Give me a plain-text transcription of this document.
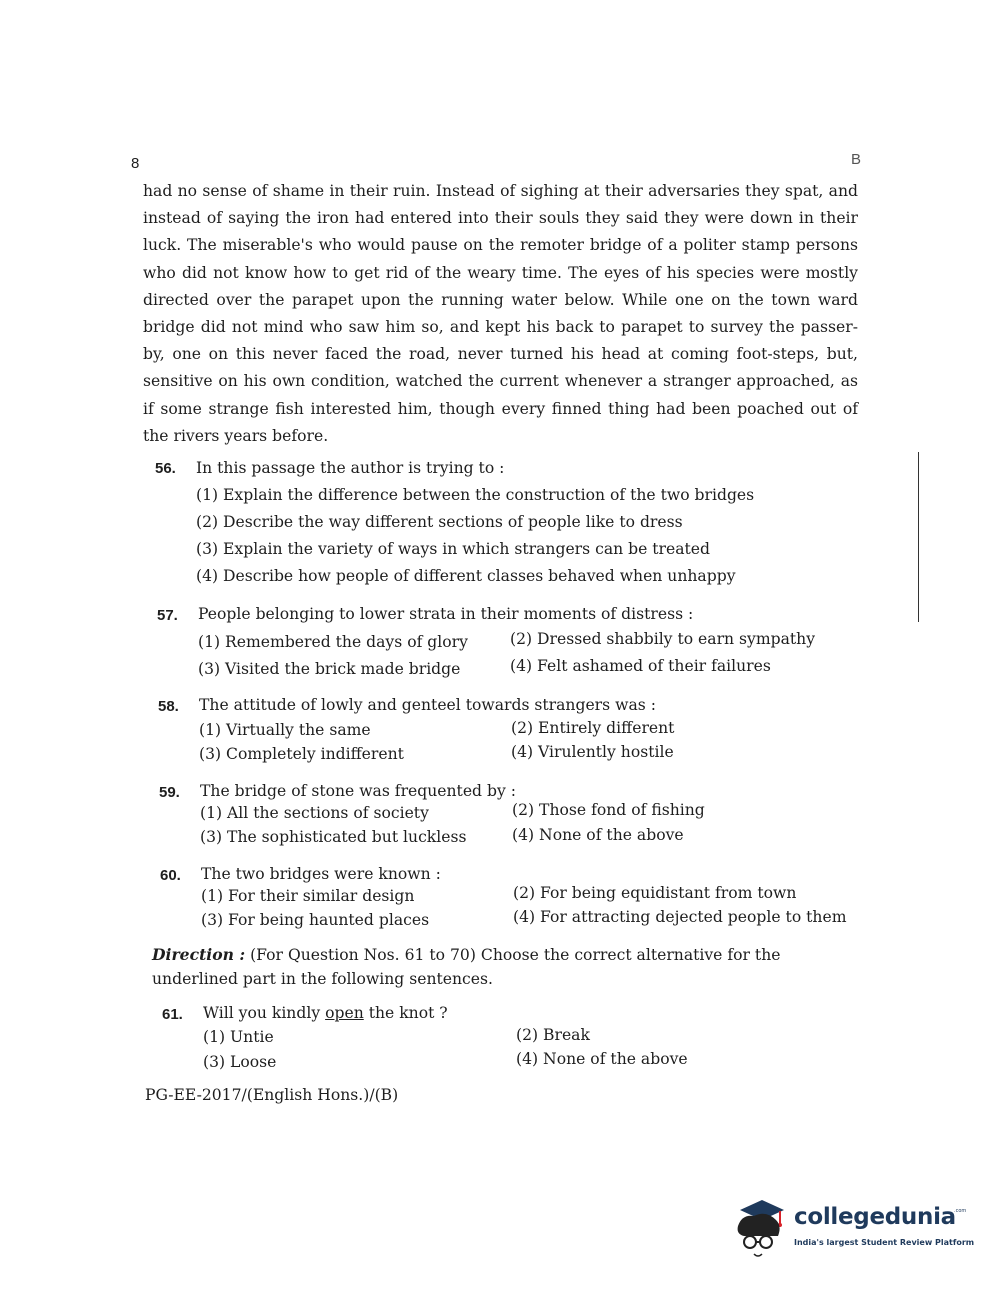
8	B

had no sense of shame in their ruin. Instead of sighing at their adversaries they spat, and instead of saying the iron had entered into their souls they said they were down in their luck. The miserable's who would pause on the remoter bridge of a politer stamp persons who did not know how to get rid of the weary time. The eyes of his species were mostly directed over the parapet upon the running water below. While one on the town ward bridge did not mind who saw him so, and kept his back to parapet to survey the passer-by, one on this never faced the road, never turned his head at coming foot-steps, but, sensitive on his own condition, watched the current whenever a stranger approached, as if some strange fish interested him, though every finned thing had been poached out of the rivers years before.

56. In this passage the author is trying to :
(1) Explain the difference between the construction of the two bridges
(2) Describe the way different sections of people like to dress
(3) Explain the variety of ways in which strangers can be treated
(4) Describe how people of different classes behaved when unhappy
57. People belonging to lower strata in their moments of distress :
(1) Remembered the days of glory	(2) Dressed shabbily to earn sympathy
(3) Visited the brick made bridge	(4) Felt ashamed of their failures
58. The attitude of lowly and genteel towards strangers was :
(1) Virtually the same	(2) Entirely different
(3) Completely indifferent	(4) Virulently hostile
59. The bridge of stone was frequented by :
(1) All the sections of society	(2) Those fond of fishing
(3) The sophisticated but luckless	(4) None of the above
60. The two bridges were known :
(1) For their similar design	(2) For being equidistant from town
(3) For being haunted places	(4) For attracting dejected people to them
Direction : (For Question Nos. 61 to 70) Choose the correct alternative for the underlined part in the following sentences.
61. Will you kindly open the knot ?
(1) Untie	(2) Break
(3) Loose	(4) None of the above
PG-EE-2017/(English Hons.)/(B)
collegedunia
.com
India's largest Student Review Platform
